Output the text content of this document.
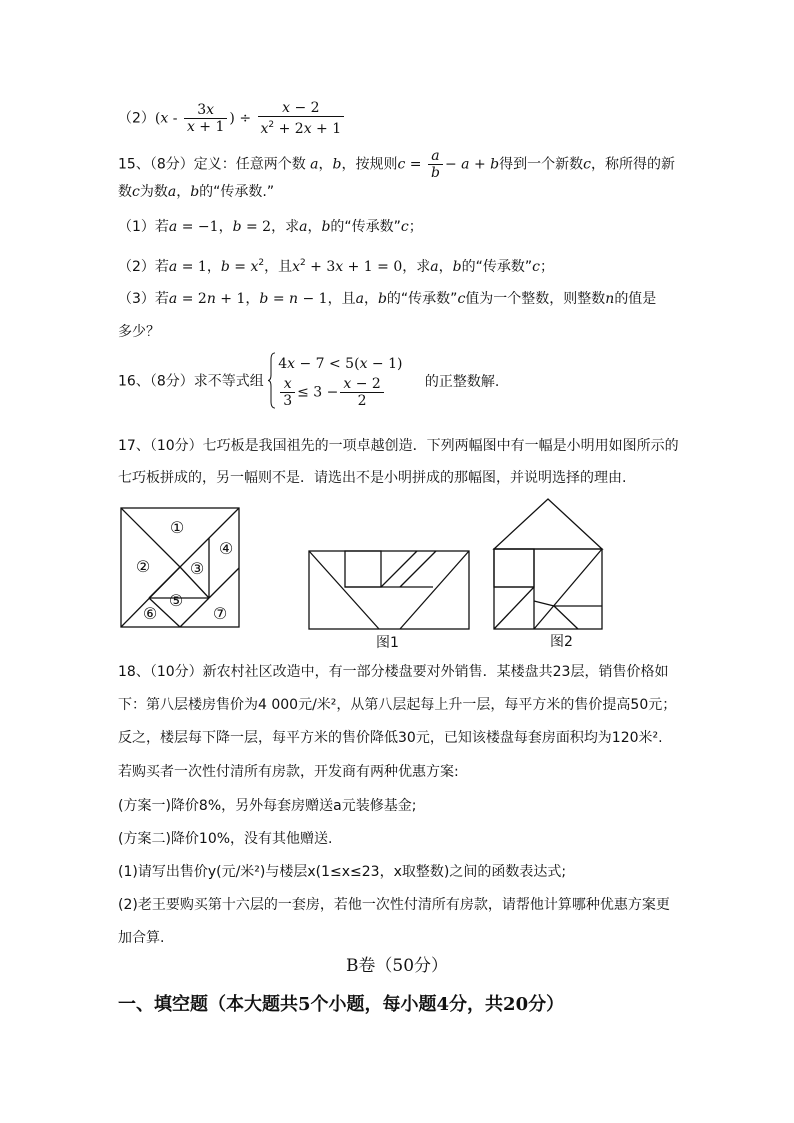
$(2)(x - \frac{3x}{x + 1}$ ) ÷ $\frac{x - 2}{x^2 + 2x + 1}$
15、（8分）定义：任意两个数 a，b，按规则$c = \frac{a}{b} - a + b$得到一个新数c，称所得的新
数c为数a，b的“传承数.”
（1）若a = −1，b = 2，求a，b的“传承数”c；
（2）若a = 1，$b = x^2$，且$x^2 + 3x + 1 = 0$，求a，b的“传承数”c；
（3）若a = 2n + 1，b = n − 1，且a，b的“传承数”c值为一个整数，则整数n的值是
多少？
16、（8分）求不等式组
4x − 7 < 5(x − 1)
$\frac{x}{3} \le 3 - \frac{x - 2}{2}$	的正整数解.
17、（10分）七巧板是我国祖先的一项卓越创造．下列两幅图中有一幅是小明用如图所示的
七巧板拼成的，另一幅则不是．请选出不是小明拼成的那幅图，并说明选择的理由.
①
② ③
④
⑤
⑥	⑦
图1	图2
18、（10分）新农村社区改造中，有一部分楼盘要对外销售．某楼盘共23层，销售价格如
下：第八层楼房售价为4 000元/米²，从第八层起每上升一层，每平方米的售价提高50元；
反之，楼层每下降一层，每平方米的售价降低30元，已知该楼盘每套房面积均为120米².
若购买者一次性付清所有房款，开发商有两种优惠方案:
(方案一)降价8%，另外每套房赠送a元装修基金;
(方案二)降价10%，没有其他赠送.
(1)请写出售价y(元/米²)与楼层x(1≤x≤23，x取整数)之间的函数表达式;
(2)老王要购买第十六层的一套房，若他一次性付清所有房款，请帮他计算哪种优惠方案更
加合算.
B卷（50分）
一、填空题（本大题共5个小题，每小题4分，共20分）
